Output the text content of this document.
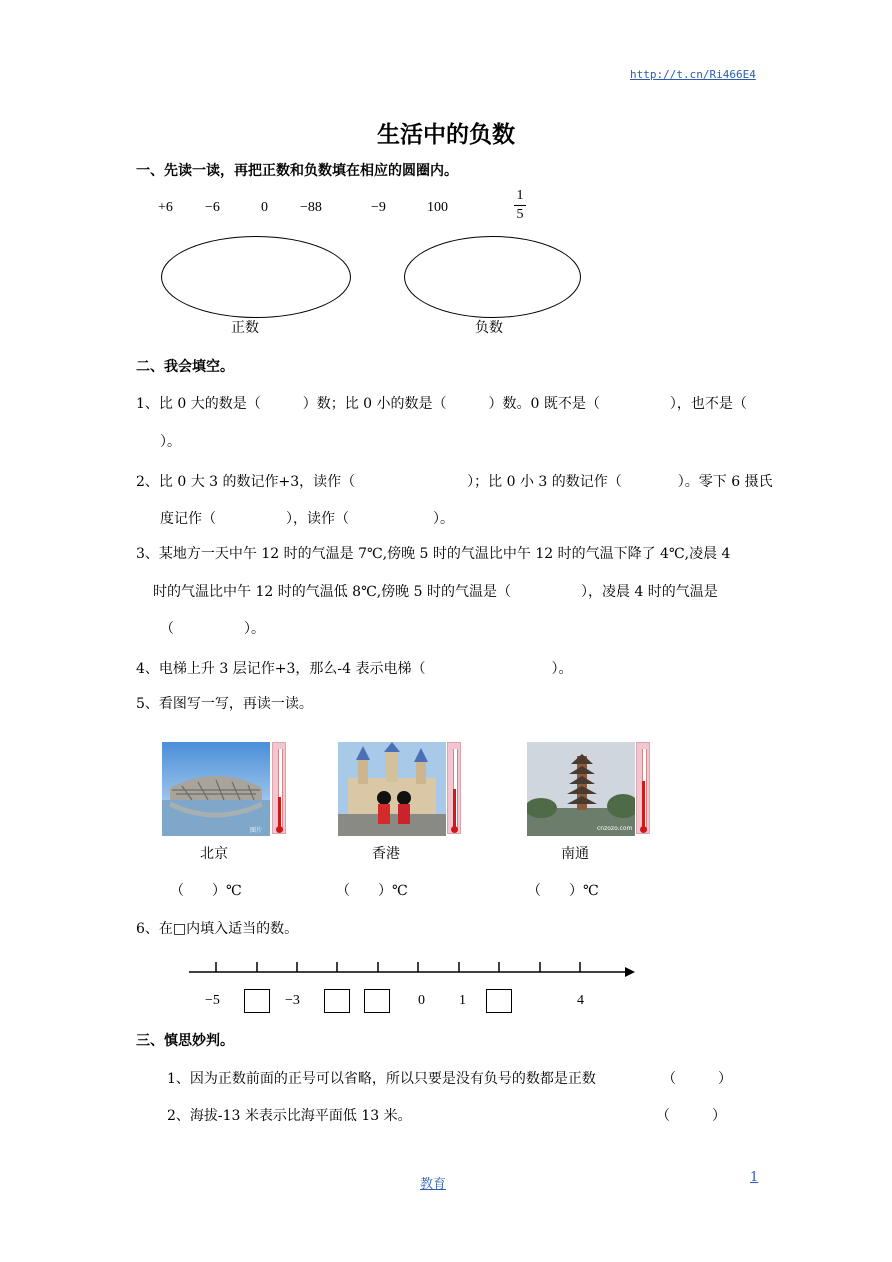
http://t.cn/Ri466E4
生活中的负数
一、先读一读，再把正数和负数填在相应的圆圈内。
+6 −6	0 −88	−9	100
1
5
正数	负数
二、我会填空。
1、比 0 大的数是（　　　）数；比 0 小的数是（　　　）数。0 既不是（　　　　　），也不是（
）。
2、比 0 大 3 的数记作+3，读作（　　　　　　　　）；比 0 小 3 的数记作（　　　　）。零下 6 摄氏
度记作（　　　　　），读作（　　　　　　）。
3、某地方一天中午 12 时的气温是 7℃,傍晚 5 时的气温比中午 12 时的气温下降了 4℃,凌晨 4
时的气温比中午 12 时的气温低 8℃,傍晚 5 时的气温是（　　　　　），凌晨 4 时的气温是
（　　　　　）。
4、电梯上升 3 层记作+3，那么-4 表示电梯（　　　　　　　　　）。
5、看图写一写，再读一读。
图片	cnzozo.com
北京	香港	南通
（　　）℃	（　　）℃	（　　）℃
6、在□内填入适当的数。
−5	−3	0 1	4
三、慎思妙判。
1、因为正数前面的正号可以省略，所以只要是没有负号的数都是正数	（　　　）
2、海拔-13 米表示比海平面低 13 米。	（　　　）
教育	1
